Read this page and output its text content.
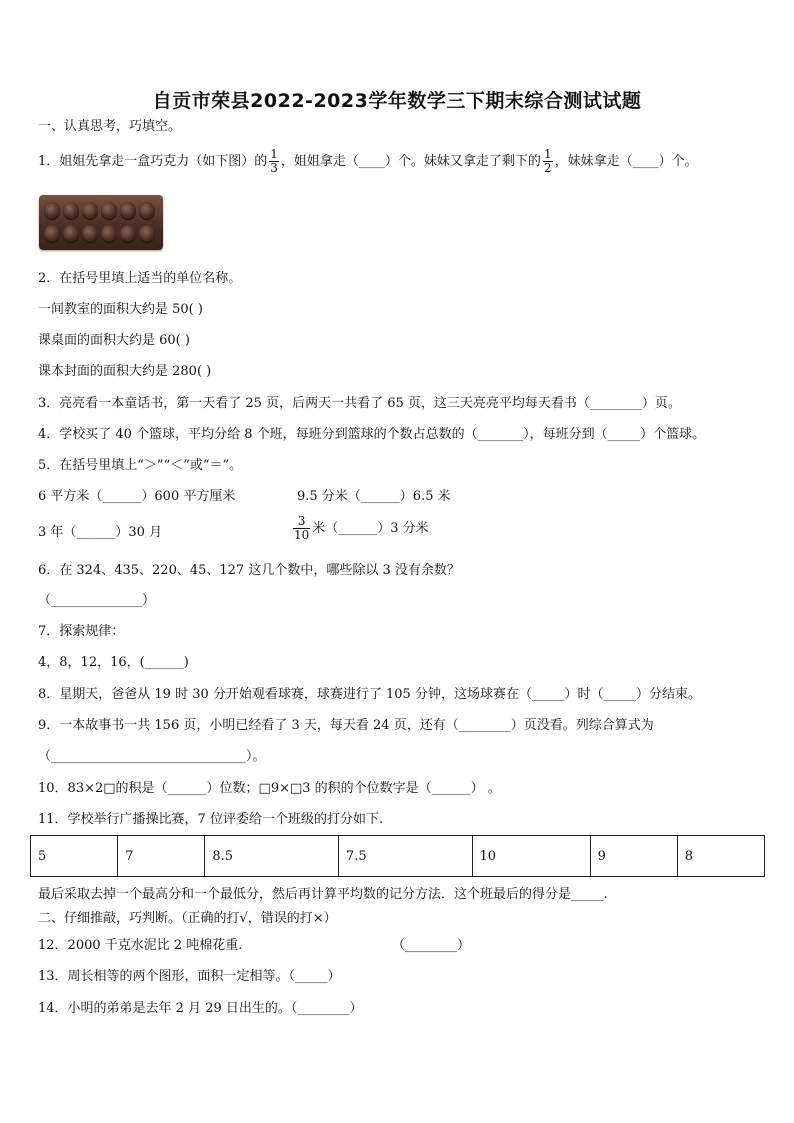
自贡市荣县2022-2023学年数学三下期末综合测试试题
一、认真思考，巧填空。
1．姐姐先拿走一盒巧克力（如下图）的 $\frac{1}{3}$ ，姐姐拿走（____）个。妹妹又拿走了剩下的 $\frac{1}{2}$ ，妹妹拿走（____）个。
2．在括号里填上适当的单位名称。
一间教室的面积大约是 50( )
课桌面的面积大约是 60( )
课本封面的面积大约是 280( )
3．亮亮看一本童话书，第一天看了 25 页，后两天一共看了 65 页，这三天亮亮平均每天看书（________）页。
4．学校买了 40 个篮球，平均分给 8 个班，每班分到篮球的个数占总数的（_______），每班分到（_____）个篮球。
5．在括号里填上“＞”“＜”或“＝”。
6 平方米（______）600 平方厘米	9.5 分米（______）6.5 米
3 年（______）30 月	$\frac{3}{10}$ 米（______）3 分米
6．在 324、435、220、45、127 这几个数中，哪些除以 3 没有余数？
（______________）
7．探索规律：
4，8，12，16，(______)
8．星期天，爸爸从 19 时 30 分开始观看球赛，球赛进行了 105 分钟，这场球赛在（_____）时（_____）分结束。
9．一本故事书一共 156 页，小明已经看了 3 天，每天看 24 页，还有（________）页没看。列综合算式为
（______________________________）。
10．83×2□的积是（______）位数；□9×□3 的积的个位数字是（______） 。
11．学校举行广播操比赛，7 位评委给一个班级的打分如下.
5	7	8.5	7.5	10	9	8
最后采取去掉一个最高分和一个最低分，然后再计算平均数的记分方法．这个班最后的得分是_____.
二、仔细推敲，巧判断。（正确的打√，错误的打×）
12．2000 千克水泥比 2 吨棉花重.	（________）
13．周长相等的两个图形，面积一定相等。（_____）
14．小明的弟弟是去年 2 月 29 日出生的。（________）
